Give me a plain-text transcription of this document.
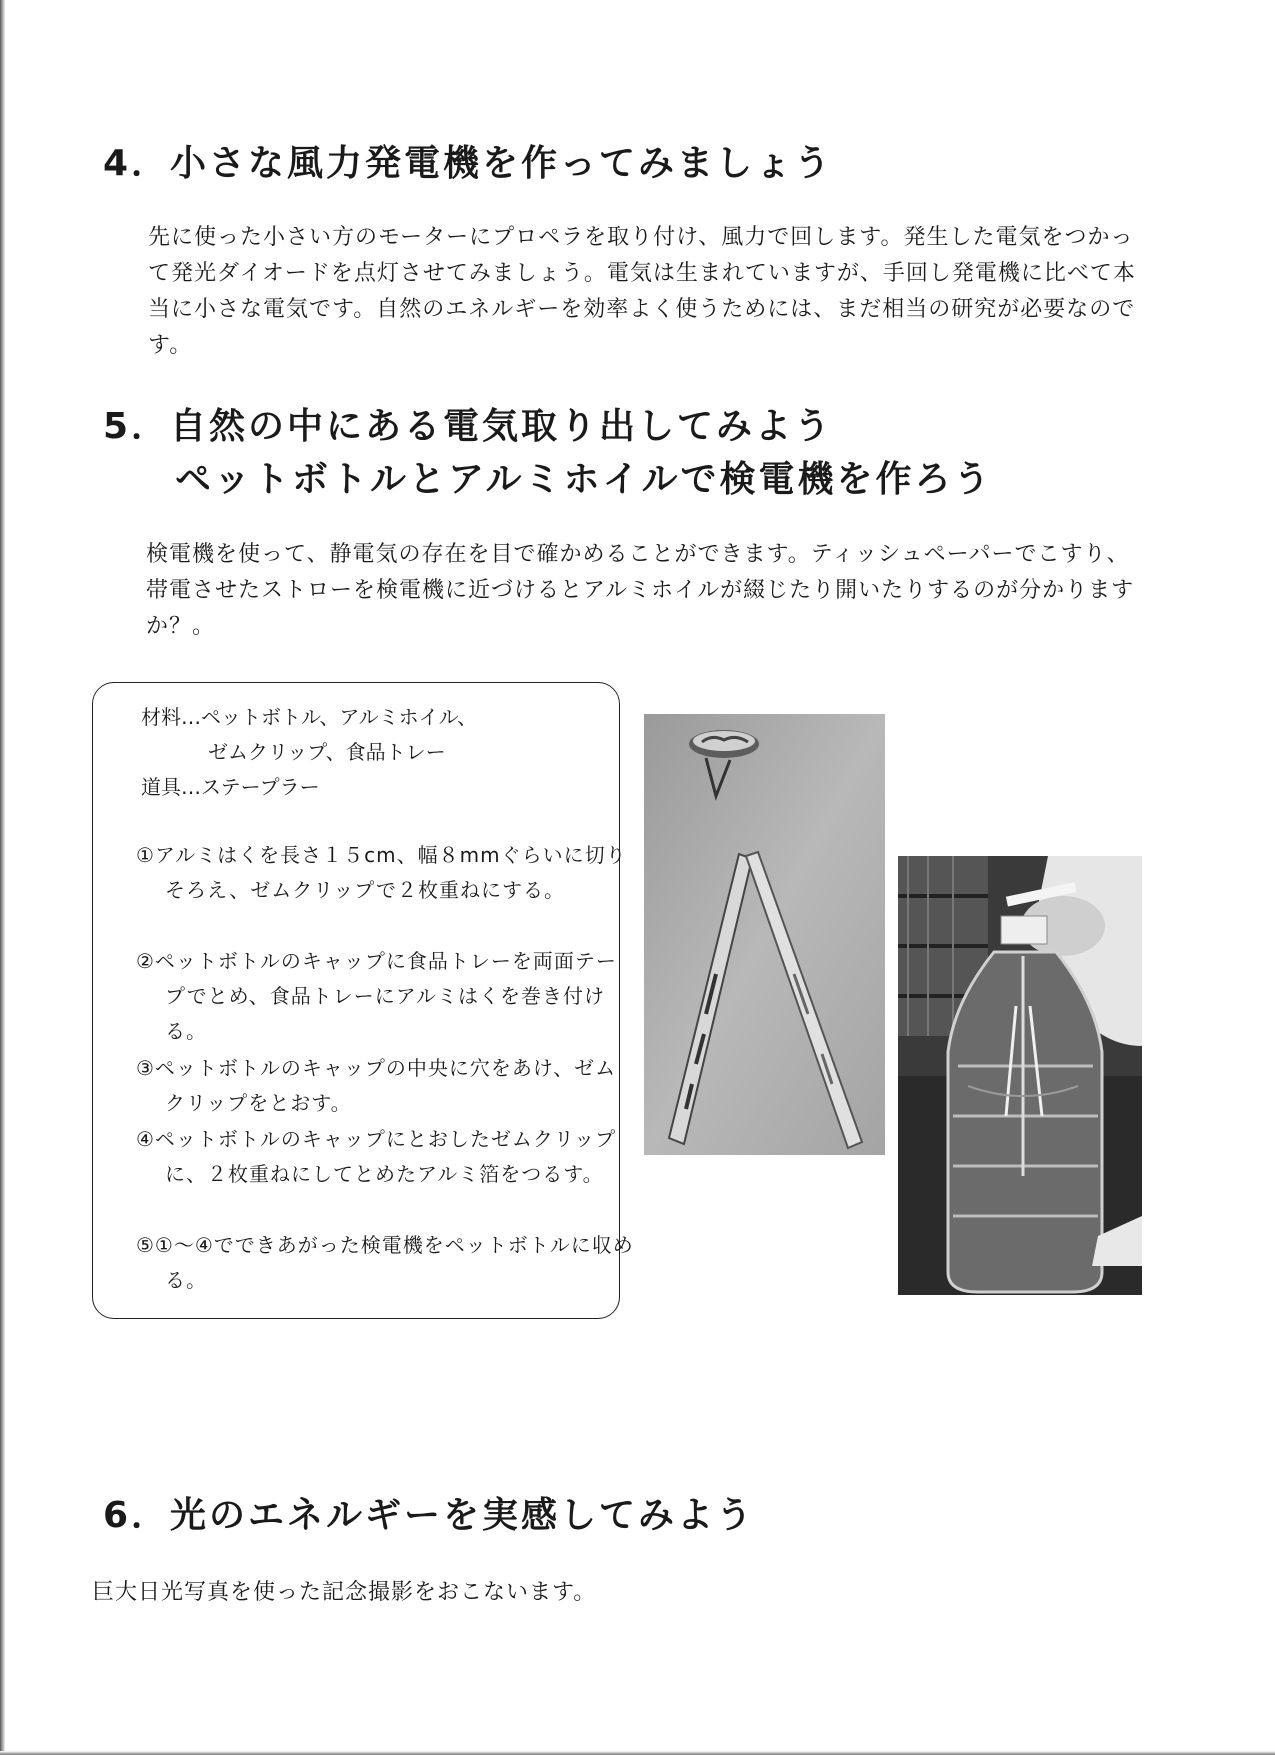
4．小さな風力発電機を作ってみましょう
先に使った小さい方のモーターにプロペラを取り付け、風力で回します。発生した電気をつかって発光ダイオードを点灯させてみましょう。電気は生まれていますが、手回し発電機に比べて本当に小さな電気です。自然のエネルギーを効率よく使うためには、まだ相当の研究が必要なのです。
5．自然の中にある電気取り出してみよう
ペットボトルとアルミホイルで検電機を作ろう
検電機を使って、静電気の存在を目で確かめることができます。ティッシュペーパーでこすり、帯電させたストローを検電機に近づけるとアルミホイルが綴じたり開いたりするのが分かりますか？。
材料…ペットボトル、アルミホイル、
ゼムクリップ、食品トレー
道具…ステープラー
①アルミはくを長さ１５cm、幅８mmぐらいに切りそろえ、ゼムクリップで２枚重ねにする。
②ペットボトルのキャップに食品トレーを両面テープでとめ、食品トレーにアルミはくを巻き付ける。
③ペットボトルのキャップの中央に穴をあけ、ゼムクリップをとおす。
④ペットボトルのキャップにとおしたゼムクリップに、２枚重ねにしてとめたアルミ箔をつるす。
⑤①～④でできあがった検電機をペットボトルに収める。
6．光のエネルギーを実感してみよう
巨大日光写真を使った記念撮影をおこないます。
